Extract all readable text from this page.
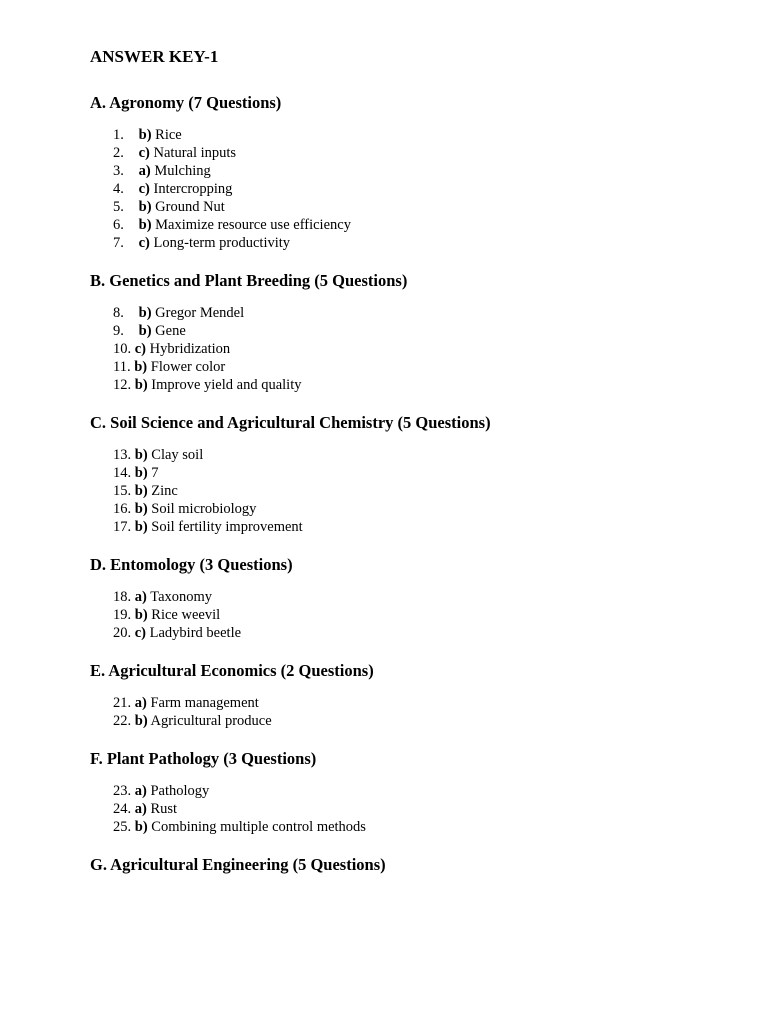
ANSWER KEY-1
A. Agronomy (7 Questions)
1. b) Rice
2. c) Natural inputs
3. a) Mulching
4. c) Intercropping
5. b) Ground Nut
6. b) Maximize resource use efficiency
7. c) Long-term productivity
B. Genetics and Plant Breeding (5 Questions)
8. b) Gregor Mendel
9. b) Gene
10. c) Hybridization
11. b) Flower color
12. b) Improve yield and quality
C. Soil Science and Agricultural Chemistry (5 Questions)
13. b) Clay soil
14. b) 7
15. b) Zinc
16. b) Soil microbiology
17. b) Soil fertility improvement
D. Entomology (3 Questions)
18. a) Taxonomy
19. b) Rice weevil
20. c) Ladybird beetle
E. Agricultural Economics (2 Questions)
21. a) Farm management
22. b) Agricultural produce
F. Plant Pathology (3 Questions)
23. a) Pathology
24. a) Rust
25. b) Combining multiple control methods
G. Agricultural Engineering (5 Questions)
